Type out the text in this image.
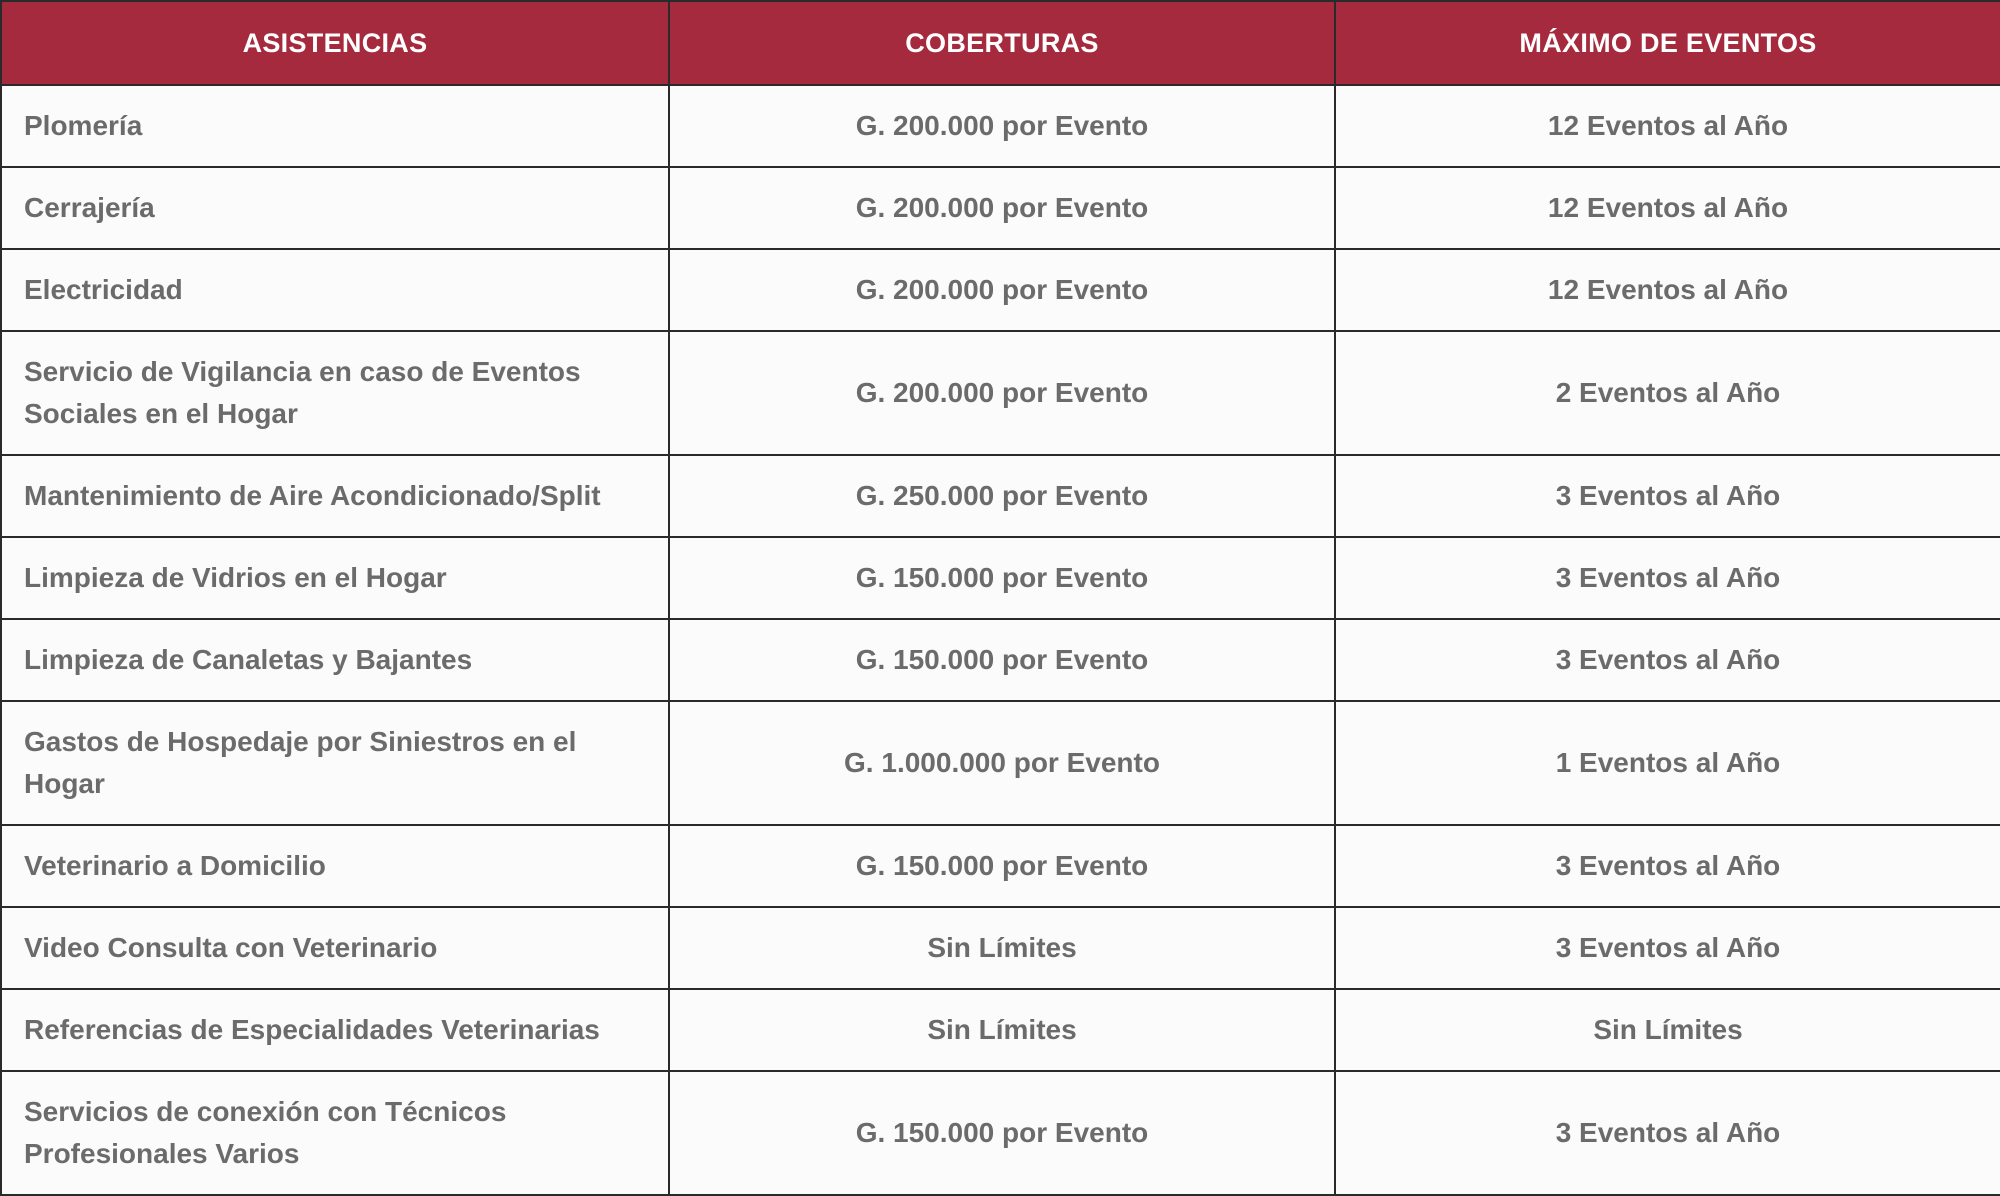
ASISTENCIAS	COBERTURAS	MÁXIMO DE EVENTOS
Plomería	G. 200.000 por Evento	12 Eventos al Año
Cerrajería	G. 200.000 por Evento	12 Eventos al Año
Electricidad	G. 200.000 por Evento	12 Eventos al Año
Servicio de Vigilancia en caso de Eventos Sociales en el Hogar	G. 200.000 por Evento	2 Eventos al Año
Mantenimiento de Aire Acondicionado/Split	G. 250.000 por Evento	3 Eventos al Año
Limpieza de Vidrios en el Hogar	G. 150.000 por Evento	3 Eventos al Año
Limpieza de Canaletas y Bajantes	G. 150.000 por Evento	3 Eventos al Año
Gastos de Hospedaje por Siniestros en el Hogar	G. 1.000.000 por Evento	1 Eventos al Año
Veterinario a Domicilio	G. 150.000 por Evento	3 Eventos al Año
Video Consulta con Veterinario	Sin Límites	3 Eventos al Año
Referencias de Especialidades Veterinarias	Sin Límites	Sin Límites
Servicios de conexión con Técnicos Profesionales Varios	G. 150.000 por Evento	3 Eventos al Año
